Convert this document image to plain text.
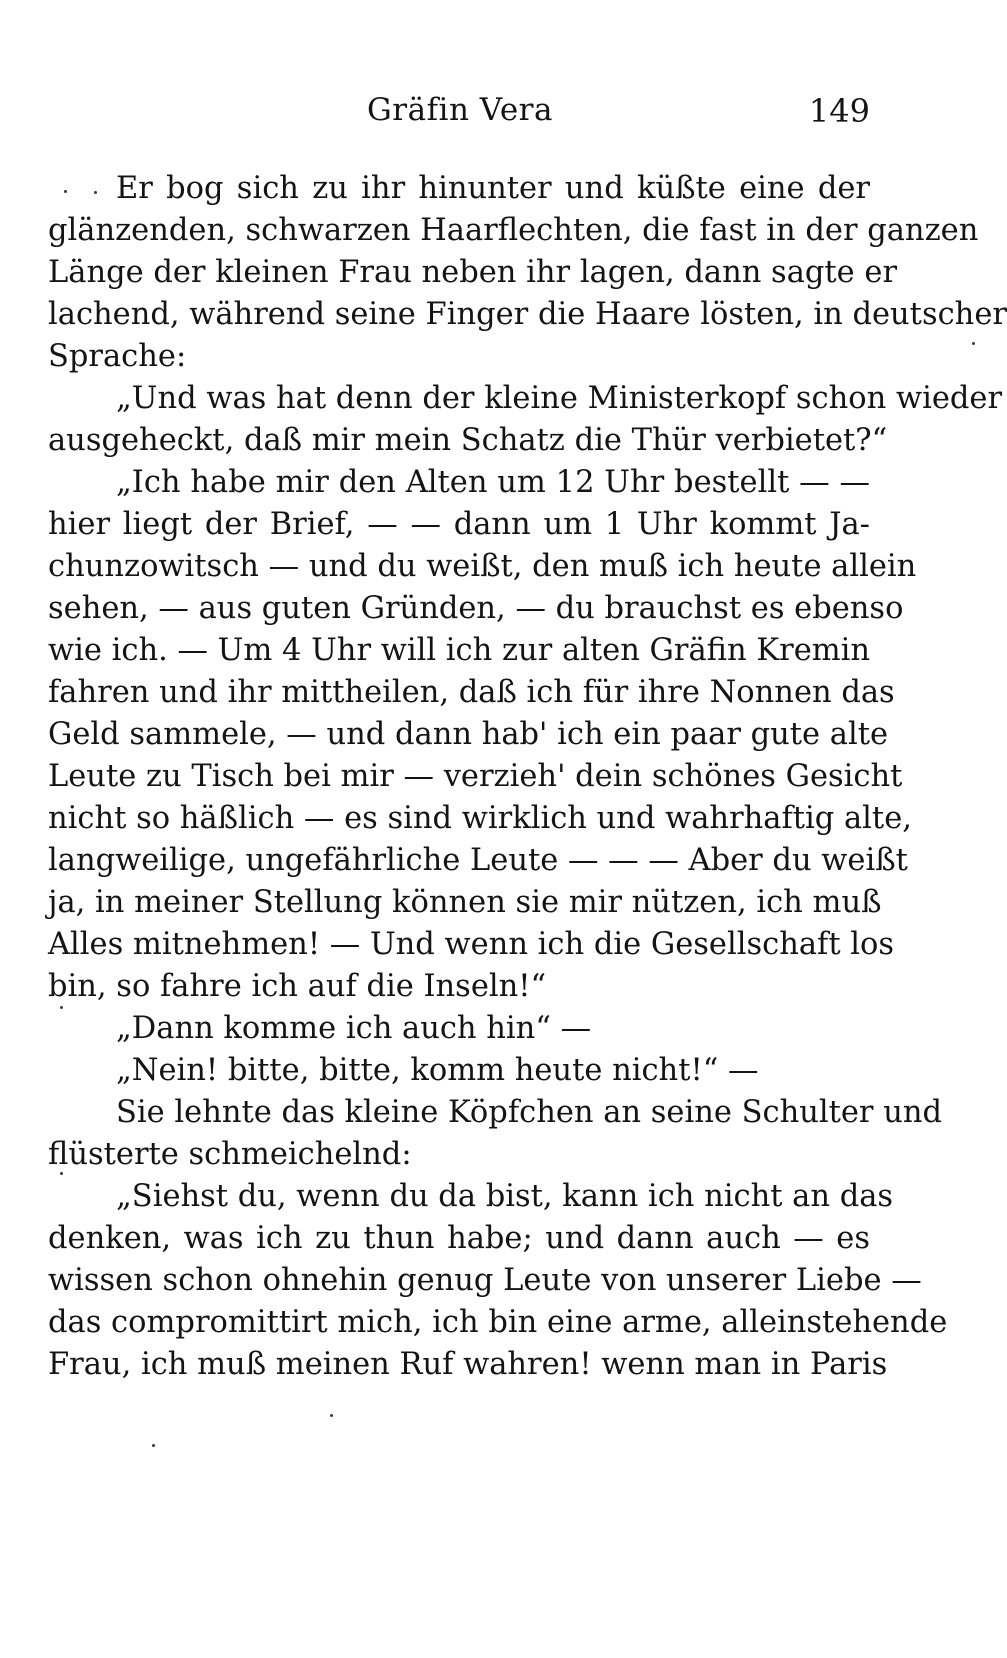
Gräfin Vera	149
Er bog sich zu ihr hinunter und küßte eine der
glänzenden, schwarzen Haarflechten, die fast in der ganzen
Länge der kleinen Frau neben ihr lagen, dann sagte er
lachend, während seine Finger die Haare lösten, in deutscher
Sprache:
„Und was hat denn der kleine Ministerkopf schon wieder
ausgeheckt, daß mir mein Schatz die Thür verbietet?“
„Ich habe mir den Alten um 12 Uhr bestellt — —
hier liegt der Brief, — — dann um 1 Uhr kommt Ja-
chunzowitsch — und du weißt, den muß ich heute allein
sehen, — aus guten Gründen, — du brauchst es ebenso
wie ich. — Um 4 Uhr will ich zur alten Gräfin Kremin
fahren und ihr mittheilen, daß ich für ihre Nonnen das
Geld sammele, — und dann hab' ich ein paar gute alte
Leute zu Tisch bei mir — verzieh' dein schönes Gesicht
nicht so häßlich — es sind wirklich und wahrhaftig alte,
langweilige, ungefährliche Leute — — — Aber du weißt
ja, in meiner Stellung können sie mir nützen, ich muß
Alles mitnehmen! — Und wenn ich die Gesellschaft los
bin, so fahre ich auf die Inseln!“
„Dann komme ich auch hin“ —
„Nein! bitte, bitte, komm heute nicht!“ —
Sie lehnte das kleine Köpfchen an seine Schulter und
flüsterte schmeichelnd:
„Siehst du, wenn du da bist, kann ich nicht an das
denken, was ich zu thun habe; und dann auch — es
wissen schon ohnehin genug Leute von unserer Liebe —
das compromittirt mich, ich bin eine arme, alleinstehende
Frau, ich muß meinen Ruf wahren! wenn man in Paris
